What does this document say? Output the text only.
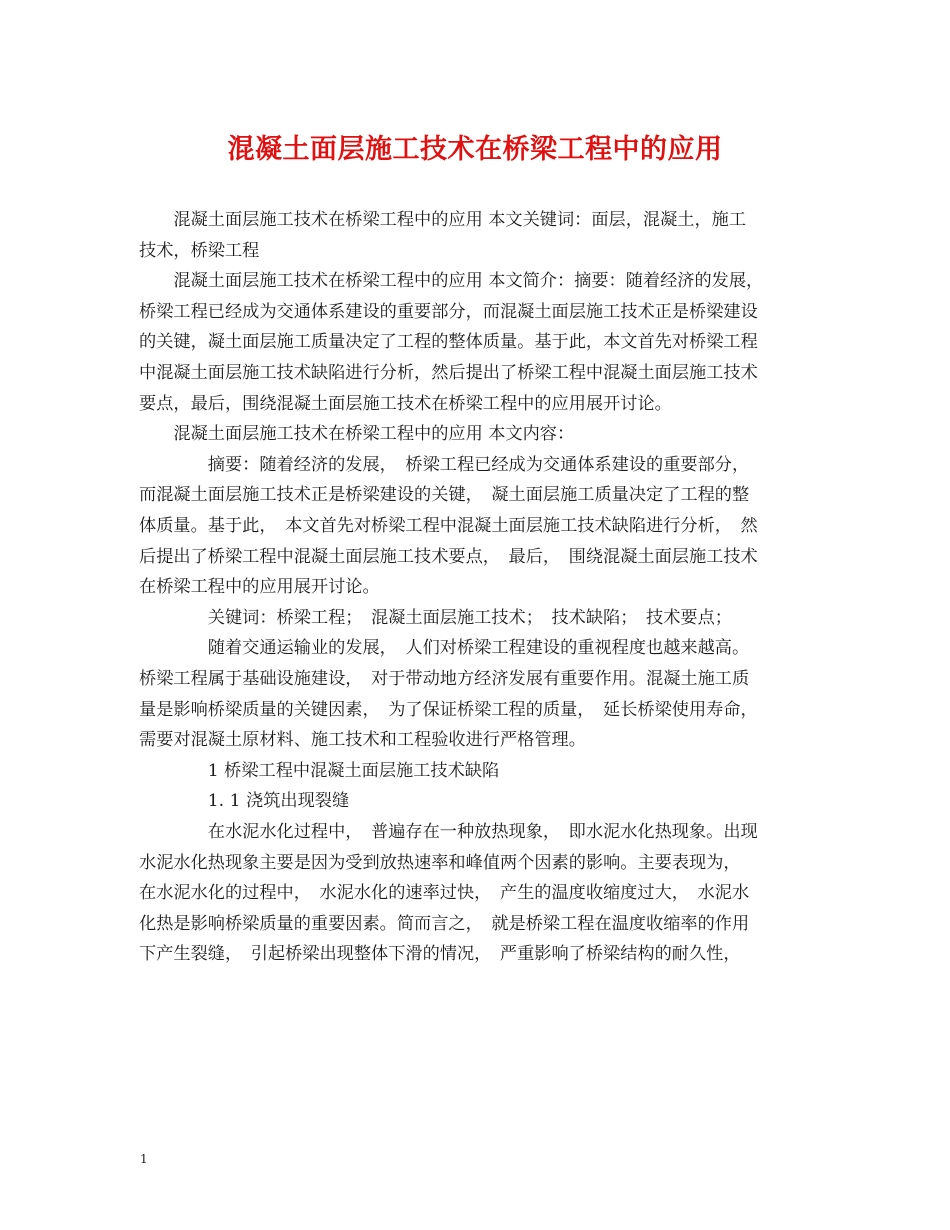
混凝土面层施工技术在桥梁工程中的应用
　　混凝土面层施工技术在桥梁工程中的应用 本文关键词：面层，混凝土，施工
技术，桥梁工程
　　混凝土面层施工技术在桥梁工程中的应用 本文简介：摘要：随着经济的发展，
桥梁工程已经成为交通体系建设的重要部分，而混凝土面层施工技术正是桥梁建设
的关键，凝土面层施工质量决定了工程的整体质量。基于此，本文首先对桥梁工程
中混凝土面层施工技术缺陷进行分析，然后提出了桥梁工程中混凝土面层施工技术
要点，最后，围绕混凝土面层施工技术在桥梁工程中的应用展开讨论。
　　混凝土面层施工技术在桥梁工程中的应用 本文内容：
　　　　摘要：随着经济的发展，　桥梁工程已经成为交通体系建设的重要部分，
而混凝土面层施工技术正是桥梁建设的关键，　凝土面层施工质量决定了工程的整
体质量。基于此，　本文首先对桥梁工程中混凝土面层施工技术缺陷进行分析，　然
后提出了桥梁工程中混凝土面层施工技术要点，　最后，　围绕混凝土面层施工技术
在桥梁工程中的应用展开讨论。
　　　　关键词：桥梁工程；　混凝土面层施工技术；　技术缺陷；　技术要点；
　　　　随着交通运输业的发展，　人们对桥梁工程建设的重视程度也越来越高。
桥梁工程属于基础设施建设，　对于带动地方经济发展有重要作用。混凝土施工质
量是影响桥梁质量的关键因素，　为了保证桥梁工程的质量，　延长桥梁使用寿命，
需要对混凝土原材料、施工技术和工程验收进行严格管理。
　　　　1 桥梁工程中混凝土面层施工技术缺陷
　　　　1. 1 浇筑出现裂缝
　　　　在水泥水化过程中，　普遍存在一种放热现象，　即水泥水化热现象。出现
水泥水化热现象主要是因为受到放热速率和峰值两个因素的影响。主要表现为，
在水泥水化的过程中，　水泥水化的速率过快，　产生的温度收缩度过大，　水泥水
化热是影响桥梁质量的重要因素。简而言之，　就是桥梁工程在温度收缩率的作用
下产生裂缝，　引起桥梁出现整体下滑的情况，　严重影响了桥梁结构的耐久性，
1
